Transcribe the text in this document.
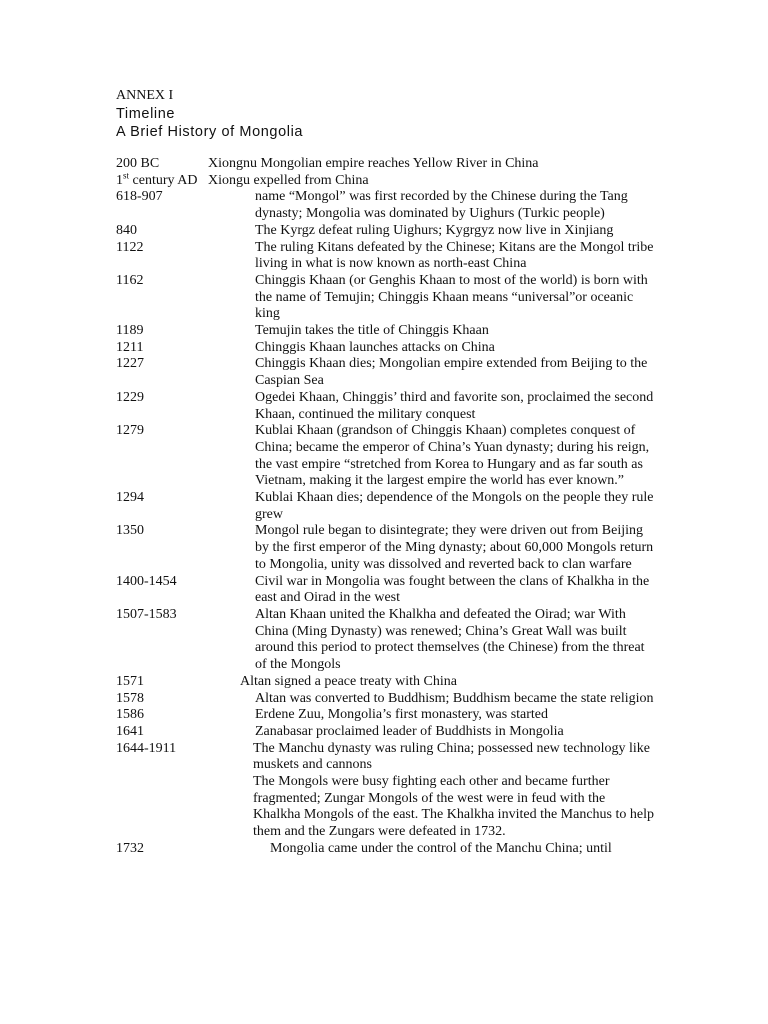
ANNEX I
Timeline
A Brief History of Mongolia
200 BC	Xiongnu Mongolian empire reaches Yellow River in China
1st century AD Xiongu expelled from China
618-907	name “Mongol” was first recorded by the Chinese during the Tang dynasty; Mongolia was dominated by Uighurs (Turkic people)
840	The Kyrgz defeat ruling Uighurs; Kygrgyz now live in Xinjiang
1122	The ruling Kitans defeated by the Chinese; Kitans are the Mongol tribe living in what is now known as north-east China
1162	Chinggis Khaan (or Genghis Khaan to most of the world) is born with the name of Temujin; Chinggis Khaan means “universal”or oceanic king
1189	Temujin takes the title of Chinggis Khaan
1211	Chinggis Khaan launches attacks on China
1227	Chinggis Khaan dies; Mongolian empire extended from Beijing to the Caspian Sea
1229	Ogedei Khaan, Chinggis’ third and favorite son, proclaimed the second Khaan, continued the military conquest
1279	Kublai Khaan (grandson of Chinggis Khaan) completes conquest of China; became the emperor of China’s Yuan dynasty; during his reign, the vast empire “stretched from Korea to Hungary and as far south as Vietnam, making it the largest empire the world has ever known.”
1294	Kublai Khaan dies; dependence of the Mongols on the people they rule grew
1350	Mongol rule began to disintegrate; they were driven out from Beijing by the first emperor of the Ming dynasty; about 60,000 Mongols return to Mongolia, unity was dissolved and reverted back to clan warfare
1400-1454	Civil war in Mongolia was fought between the clans of Khalkha in the east and Oirad in the west
1507-1583	Altan Khaan united the Khalkha and defeated the Oirad; war With China (Ming Dynasty) was renewed; China’s Great Wall was built around this period to protect themselves (the Chinese) from the threat of the Mongols
1571	Altan signed a peace treaty with China
1578	Altan was converted to Buddhism; Buddhism became the state religion
1586	Erdene Zuu, Mongolia’s first monastery, was started
1641	Zanabasar proclaimed leader of Buddhists in Mongolia
1644-1911	The Manchu dynasty was ruling China; possessed new technology like muskets and cannons
The Mongols were busy fighting each other and became further fragmented; Zungar Mongols of the west were in feud with the Khalkha Mongols of the east. The Khalkha invited the Manchus to help them and the Zungars were defeated in 1732.
1732	Mongolia came under the control of the Manchu China; until
